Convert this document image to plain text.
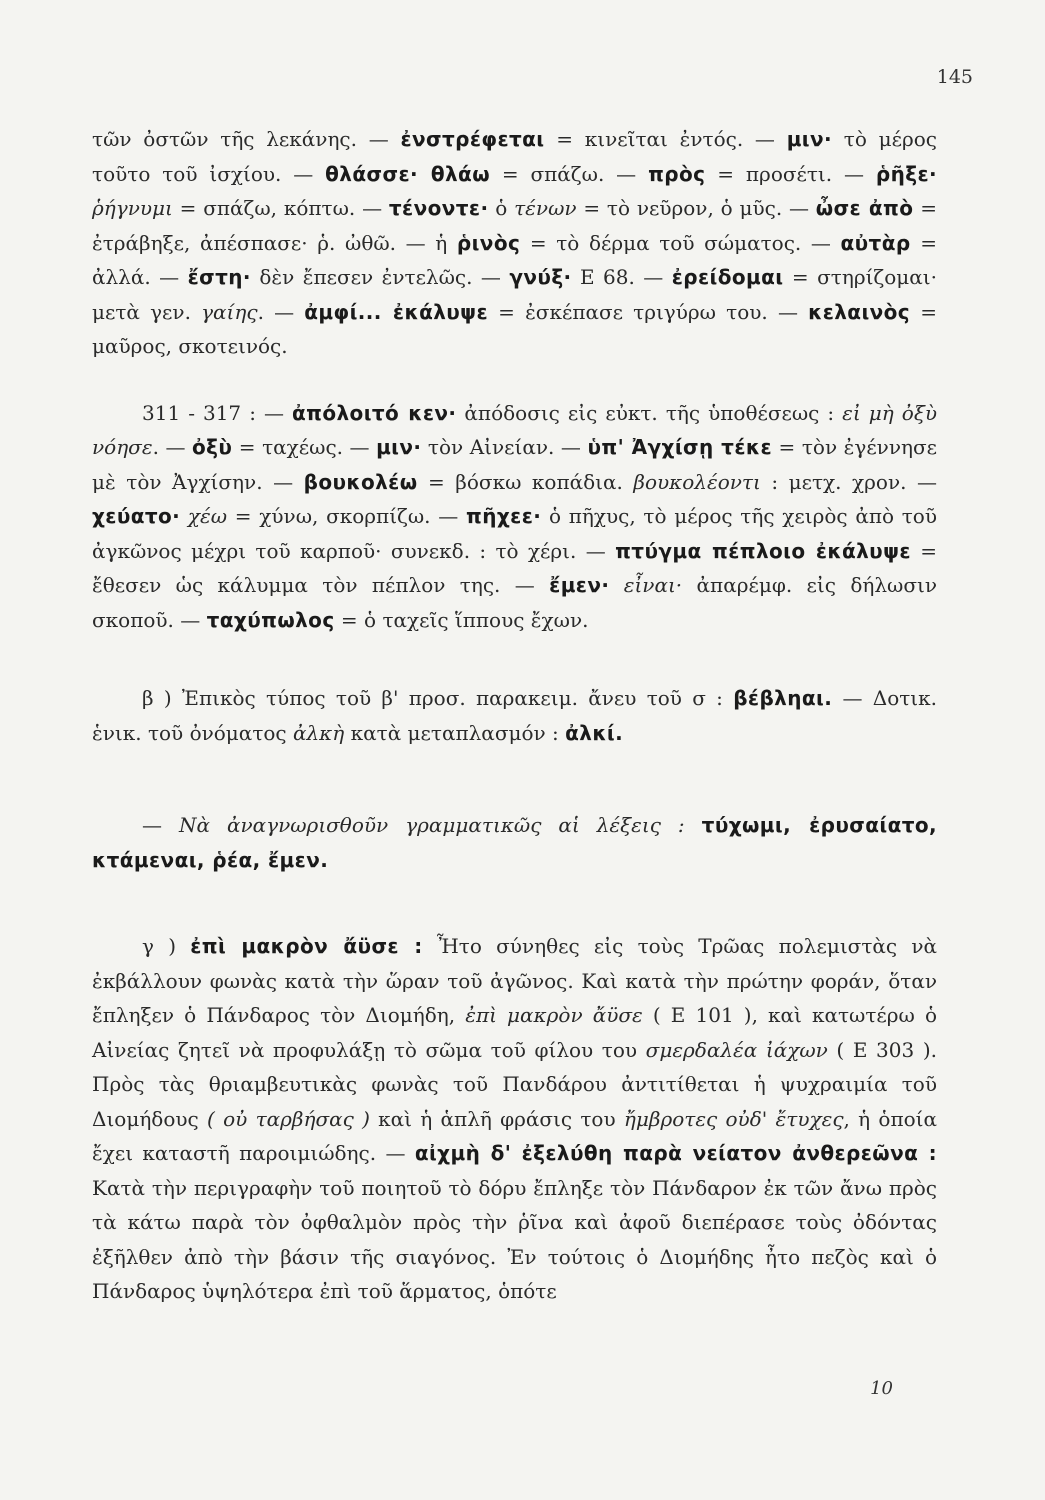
145

τῶν ὀστῶν τῆς λεκάνης. — ἐνστρέφεται = κινεῖται ἐντός. — μιν· τὸ μέρος τοῦτο τοῦ ἰσχίου. — θλάσσε· θλάω = σπάζω. — πρὸς = προσέτι. — ῥῆξε· ῥήγνυμι = σπάζω, κόπτω. — τένοντε· ὁ τένων = τὸ νεῦρον, ὁ μῦς. — ὦσε ἀπὸ = ἐτράβηξε, ἀπέσπασε· ῥ. ὠθῶ. — ἡ ῥινὸς = τὸ δέρμα τοῦ σώματος. — αὐτὰρ = ἀλλά. — ἔστη· δὲν ἔπεσεν ἐντελῶς. — γνύξ· Ε 68. — ἐρείδομαι = στηρίζομαι· μετὰ γεν. γαίης. — ἀμφί... ἐκάλυψε = ἐσκέπασε τριγύρω του. — κελαινὸς = μαῦρος, σκοτεινός.

311 - 317 : — ἀπόλοιτό κεν· ἀπόδοσις εἰς εὐκτ. τῆς ὑποθέσεως : εἰ μὴ ὀξὺ νόησε. — ὀξὺ = ταχέως. — μιν· τὸν Αἰνείαν. — ὑπ' Ἀγχίσῃ τέκε = τὸν ἐγέννησε μὲ τὸν Ἀγχίσην. — βουκολέω = βόσκω κοπάδια. βουκολέοντι : μετχ. χρον. — χεύατο· χέω = χύνω, σκορπίζω. — πῆχεε· ὁ πῆχυς, τὸ μέρος τῆς χειρὸς ἀπὸ τοῦ ἀγκῶνος μέχρι τοῦ καρποῦ· συνεκδ. : τὸ χέρι. — πτύγμα πέπλοιο ἐκάλυψε = ἔθεσεν ὡς κάλυμμα τὸν πέπλον της. — ἔμεν· εἶναι· ἀπαρέμφ. εἰς δήλωσιν σκοποῦ. — ταχύπωλος = ὁ ταχεῖς ἵππους ἔχων.

β ) Ἐπικὸς τύπος τοῦ β' προσ. παρακειμ. ἄνευ τοῦ σ : βέβληαι. — Δοτικ. ἑνικ. τοῦ ὀνόματος ἀλκὴ κατὰ μεταπλασμόν : ἀλκί.

— Νὰ ἀναγνωρισθοῦν γραμματικῶς αἱ λέξεις : τύχωμι, ἐρυσαίατο, κτάμεναι, ῥέα, ἔμεν.

γ ) ἐπὶ μακρὸν ἄϋσε : Ἦτο σύνηθες εἰς τοὺς Τρῶας πολεμιστὰς νὰ ἐκβάλλουν φωνὰς κατὰ τὴν ὥραν τοῦ ἀγῶνος. Καὶ κατὰ τὴν πρώτην φοράν, ὅταν ἔπληξεν ὁ Πάνδαρος τὸν Διομήδη, ἐπὶ μακρὸν ἄϋσε ( Ε 101 ), καὶ κατωτέρω ὁ Αἰνείας ζητεῖ νὰ προφυλάξῃ τὸ σῶμα τοῦ φίλου του σμερδαλέα ἰάχων ( Ε 303 ). Πρὸς τὰς θριαμβευτικὰς φωνὰς τοῦ Πανδάρου ἀντιτίθεται ἡ ψυχραιμία τοῦ Διομήδους ( οὐ ταρβήσας ) καὶ ἡ ἁπλῆ φράσις του ἤμβροτες οὐδ' ἔτυχες, ἡ ὁποία ἔχει καταστῆ παροιμιώδης. — αἰχμὴ δ' ἐξελύθη παρὰ νείατον ἀνθερεῶνα : Κατὰ τὴν περιγραφὴν τοῦ ποιητοῦ τὸ δόρυ ἔπληξε τὸν Πάνδαρον ἐκ τῶν ἄνω πρὸς τὰ κάτω παρὰ τὸν ὀφθαλμὸν πρὸς τὴν ῥῖνα καὶ ἀφοῦ διεπέρασε τοὺς ὀδόντας ἐξῆλθεν ἀπὸ τὴν βάσιν τῆς σιαγόνος. Ἐν τούτοις ὁ Διομήδης ἦτο πεζὸς καὶ ὁ Πάνδαρος ὑψηλότερα ἐπὶ τοῦ ἅρματος, ὁπότε

10
